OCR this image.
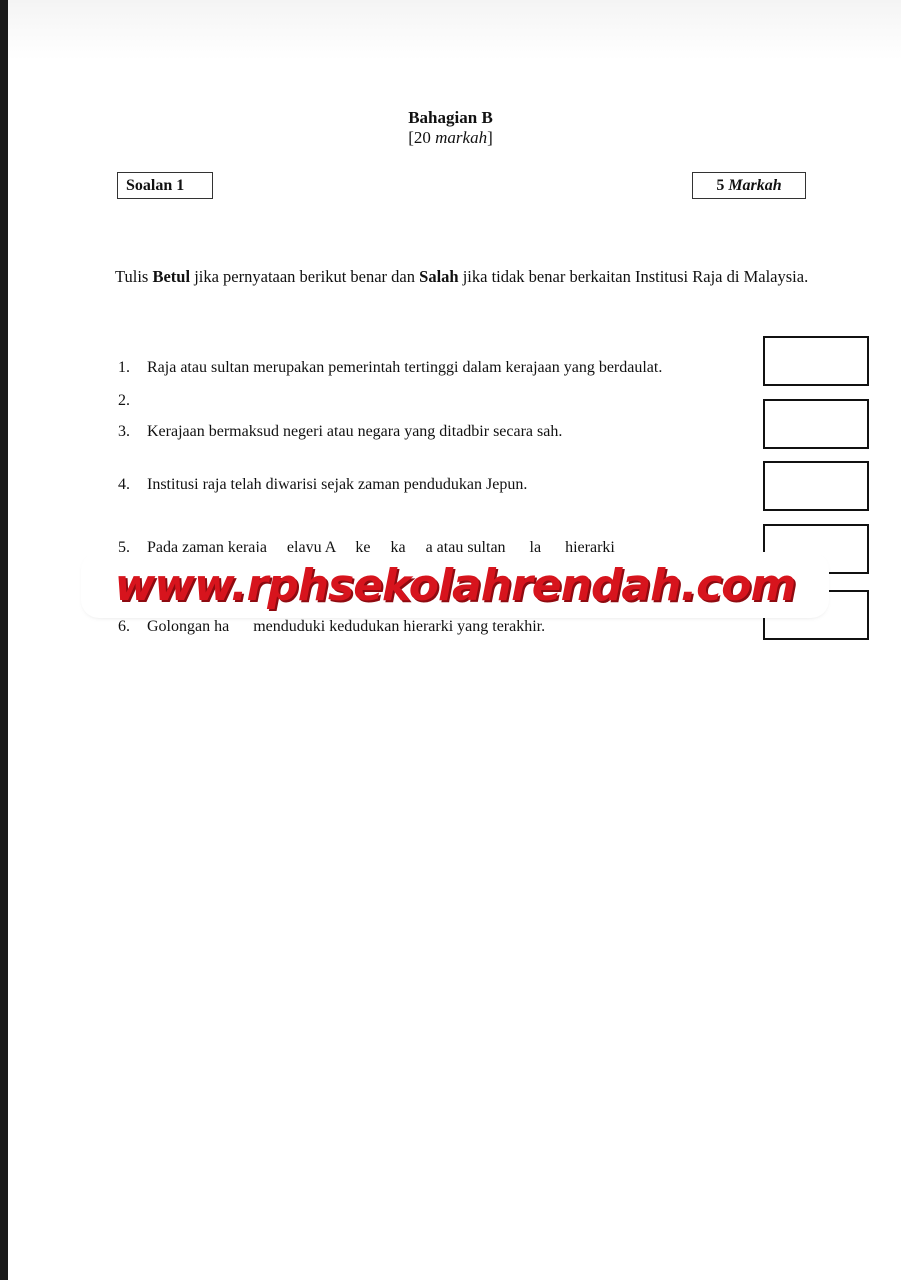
Bahagian B
[20 markah]
Soalan 1	5 Markah
Tulis Betul jika pernyataan berikut benar dan Salah jika tidak benar berkaitan Institusi Raja di Malaysia.
1. Raja atau sultan merupakan pemerintah tertinggi dalam kerajaan yang berdaulat.
2.
3. Kerajaan bermaksud negeri atau negara yang ditadbir secara sah.
4. Institusi raja telah diwarisi sejak zaman pendudukan Jepun.
5. Pada zaman keraja     elayu A     ke     ka     a atau sultan      la      hierarki
6. Golongan ha      menduduki kedudukan hierarki yang terakhir.
www.rphsekolahrendah.com
